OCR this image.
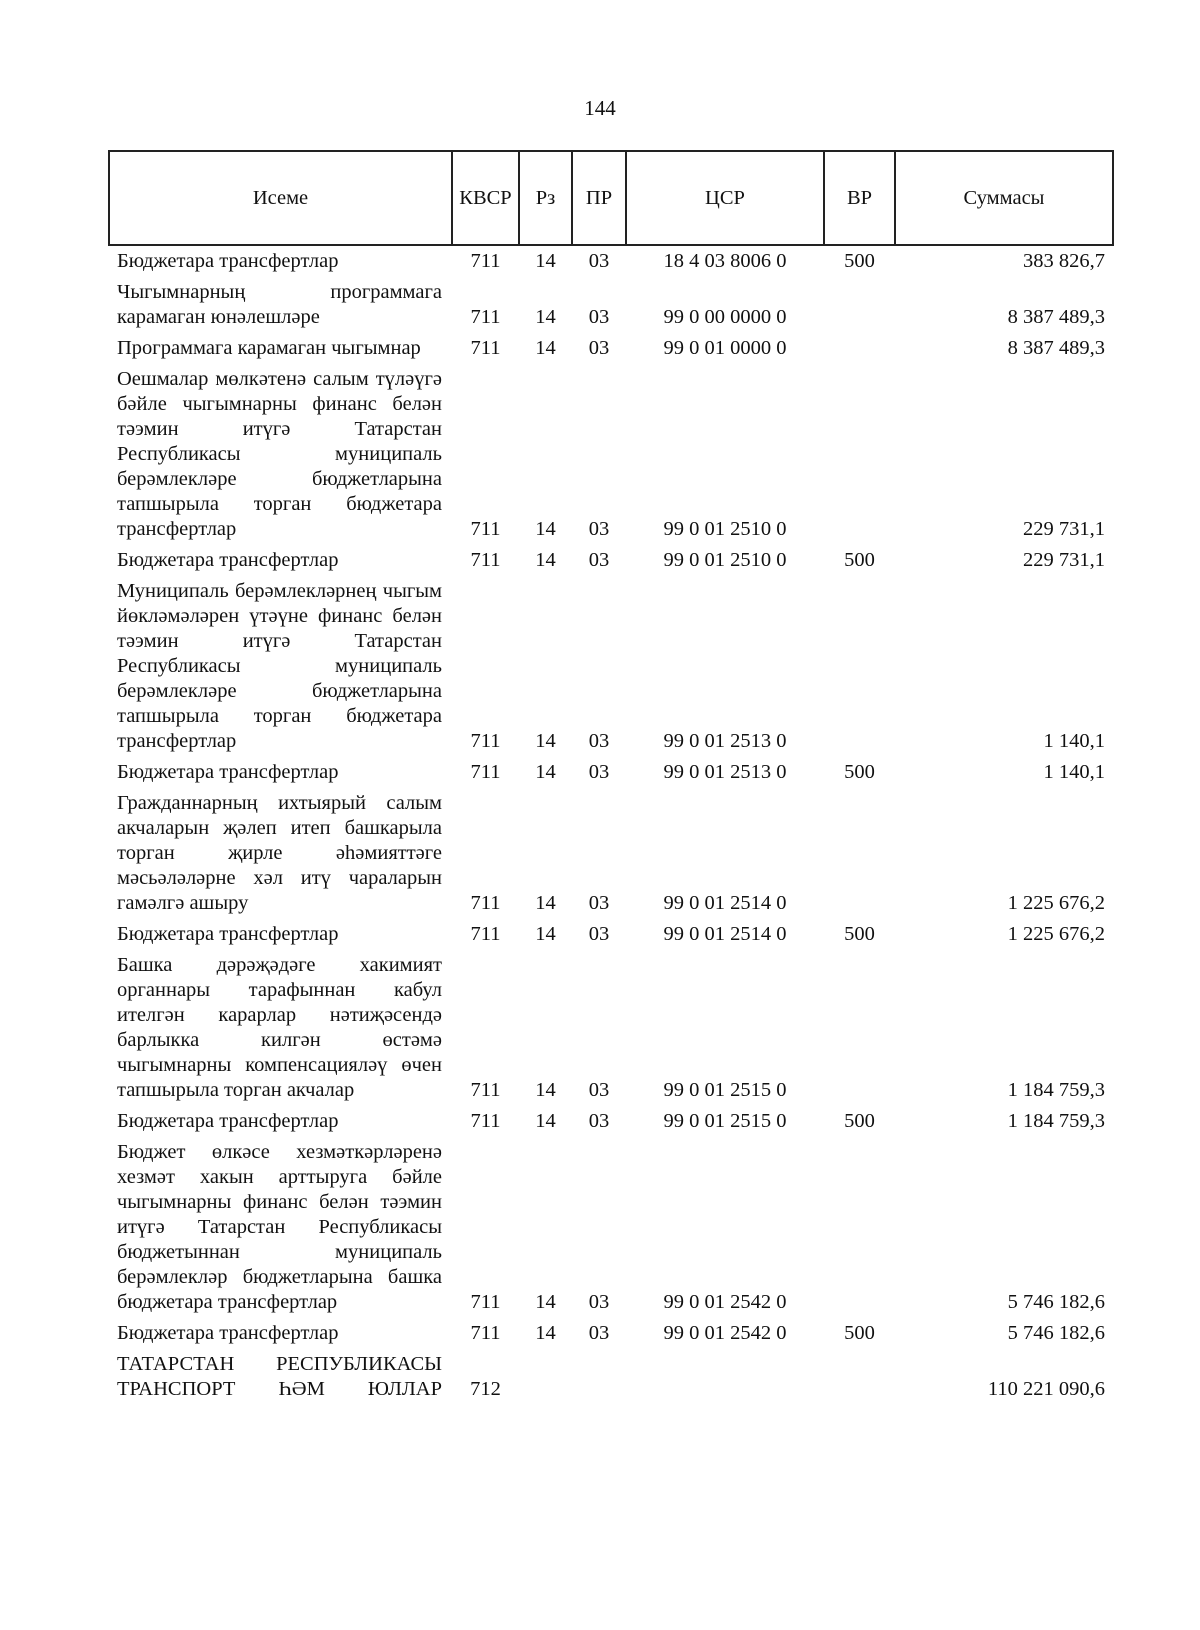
144
Исеме	КВСР	Рз	ПР	ЦСР	ВР	Суммасы
Бюджетара трансфертлар	711	14	03	18 4 03 8006 0	500	383 826,7
Чыгымнарның программага карамаган юнәлешләре	711	14	03	99 0 00 0000 0		8 387 489,3
Программага карамаган чыгымнар	711	14	03	99 0 01 0000 0		8 387 489,3
Оешмалар мөлкәтенә салым түләүгә бәйле чыгымнарны финанс белән тәэмин итүгә Татарстан Республикасы муниципаль берәмлекләре бюджетларына тапшырыла торган бюджетара трансфертлар	711	14	03	99 0 01 2510 0		229 731,1
Бюджетара трансфертлар	711	14	03	99 0 01 2510 0	500	229 731,1
Муниципаль берәмлекләрнең чыгым йөкләмәләрен үтәүне финанс белән тәэмин итүгә Татарстан Республикасы муниципаль берәмлекләре бюджетларына тапшырыла торган бюджетара трансфертлар	711	14	03	99 0 01 2513 0		1 140,1
Бюджетара трансфертлар	711	14	03	99 0 01 2513 0	500	1 140,1
Гражданнарның ихтыярый салым акчаларын җәлеп итеп башкарыла торган җирле әһәмияттәге мәсьәләләрне хәл итү чараларын гамәлгә ашыру	711	14	03	99 0 01 2514 0		1 225 676,2
Бюджетара трансфертлар	711	14	03	99 0 01 2514 0	500	1 225 676,2
Башка дәрәҗәдәге хакимият органнары тарафыннан кабул ителгән карарлар нәтиҗәсендә барлыкка килгән өстәмә чыгымнарны компенсацияләү өчен тапшырыла торган акчалар	711	14	03	99 0 01 2515 0		1 184 759,3
Бюджетара трансфертлар	711	14	03	99 0 01 2515 0	500	1 184 759,3
Бюджет өлкәсе хезмәткәрләренә хезмәт хакын арттыруга бәйле чыгымнарны финанс белән тәэмин итүгә Татарстан Республикасы бюджетыннан муниципаль берәмлекләр бюджетларына башка бюджетара трансфертлар	711	14	03	99 0 01 2542 0		5 746 182,6
Бюджетара трансфертлар	711	14	03	99 0 01 2542 0	500	5 746 182,6
ТАТАРСТАН РЕСПУБЛИКАСЫ ТРАНСПОРТ ҺӘМ ЮЛЛАР	712					110 221 090,6
